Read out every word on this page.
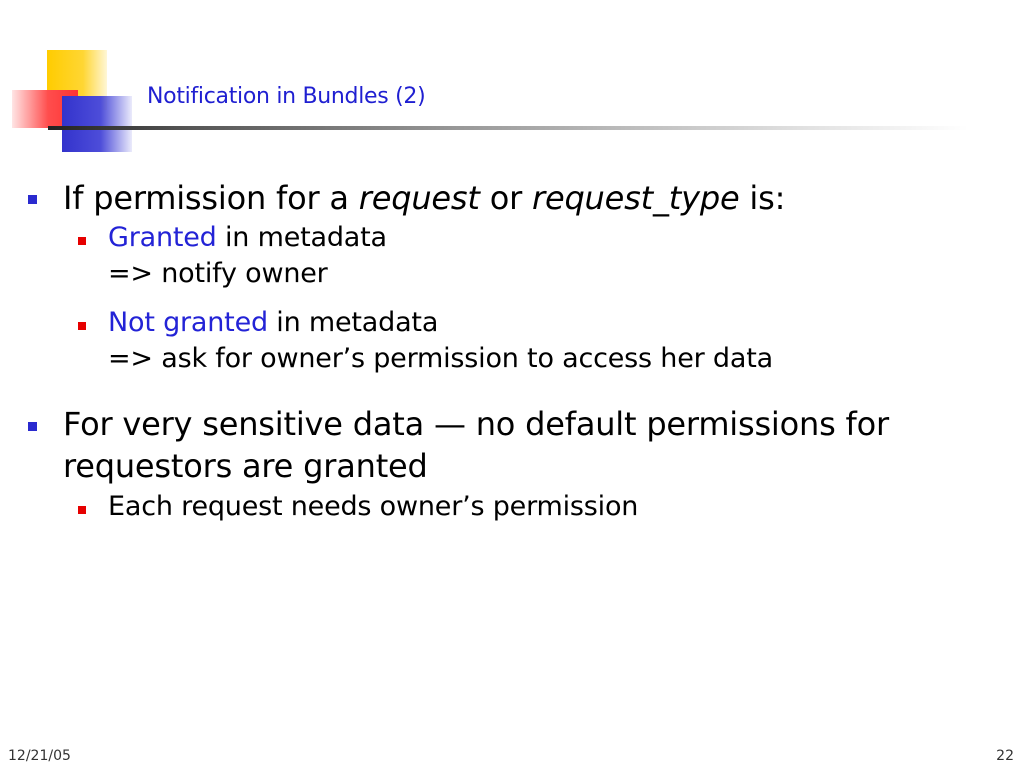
Notification in Bundles (2)
If permission for a request or request_type is:
Granted in metadata
=> notify owner
Not granted in metadata
=> ask for owner’s permission to access her data
For very sensitive data — no default permissions for
requestors are granted
Each request needs owner’s permission
12/21/05	22
